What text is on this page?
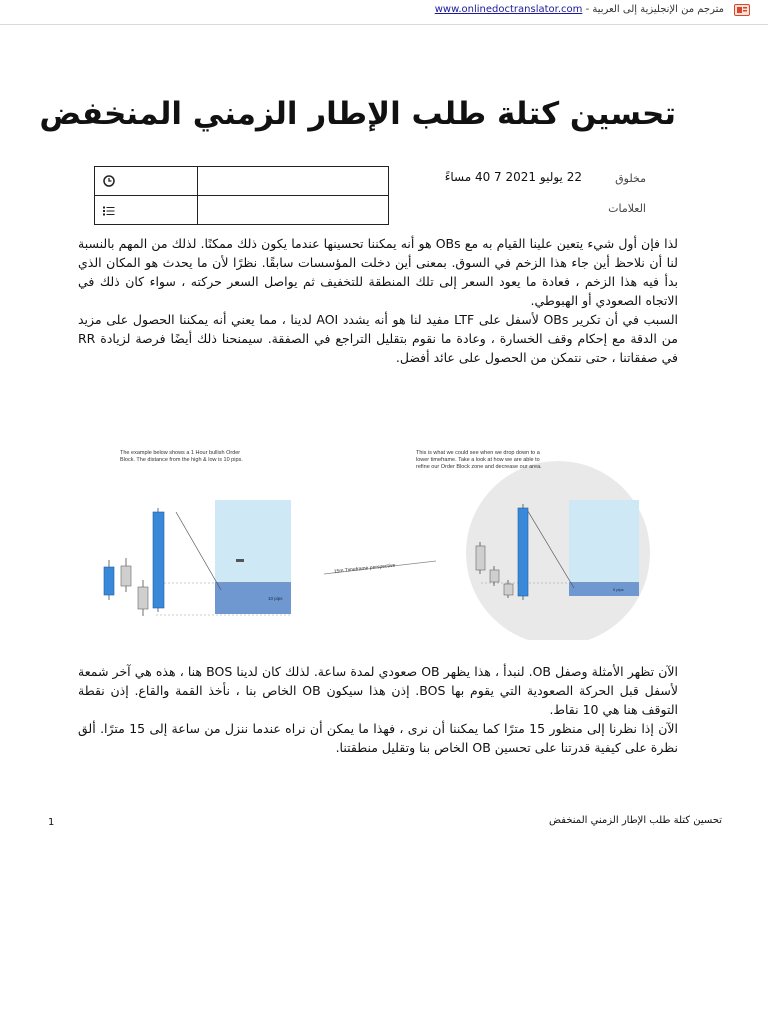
مترجم من الإنجليزية إلى العربية - www.onlinedoctranslator.com
تحسين كتلة طلب الإطار الزمني المنخفض
مخلوق
22 يوليو 2021 7 40 مساءً
العلامات

لذا فإن أول شيء يتعين علينا القيام به مع OBs هو أنه يمكننا تحسينها عندما يكون ذلك ممكنًا. لذلك من المهم بالنسبة لنا أن نلاحظ أين جاء هذا الزخم في السوق. بمعنى أين دخلت المؤسسات سابقًا. نظرًا لأن ما يحدث هو المكان الذي بدأ فيه هذا الزخم ، فعادة ما يعود السعر إلى تلك المنطقة للتخفيف ثم يواصل السعر حركته ، سواء كان ذلك في الاتجاه الصعودي أو الهبوطي.

السبب في أن تكرير OBs لأسفل على LTF مفيد لنا هو أنه يشدد AOI لدينا ، مما يعني أنه يمكننا الحصول على مزيد من الدقة مع إحكام وقف الخسارة ، وعادة ما نقوم بتقليل التراجع في الصفقة. سيمنحنا ذلك أيضًا فرصة لزيادة RR في صفقاتنا ، حتى نتمكن من الحصول على عائد أفضل.

The example below shows a 1 Hour bullish Order
Block. The distance from the high & low is 10 pips.
10 pips
15m Timeframe perspective
This is what we could see when we drop down to a
lower timeframe. Take a look at how we are able to
refine our Order Block zone and decrease our area.
5 pips

الآن تظهر الأمثلة وصفل OB. لنبدأ ، هذا يظهر OB صعودي لمدة ساعة. لذلك كان لدينا BOS هنا ، هذه هي آخر شمعة لأسفل قبل الحركة الصعودية التي يقوم بها BOS. إذن هذا سيكون OB الخاص بنا ، نأخذ القمة والقاع. إذن نقطة التوقف هنا هي 10 نقاط.

الآن إذا نظرنا إلى منظور 15 مترًا كما يمكننا أن نرى ، فهذا ما يمكن أن نراه عندما ننزل من ساعة إلى 15 مترًا. ألق نظرة على كيفية قدرتنا على تحسين OB الخاص بنا وتقليل منطقتنا.

تحسين كتلة طلب الإطار الزمني المنخفض
1
